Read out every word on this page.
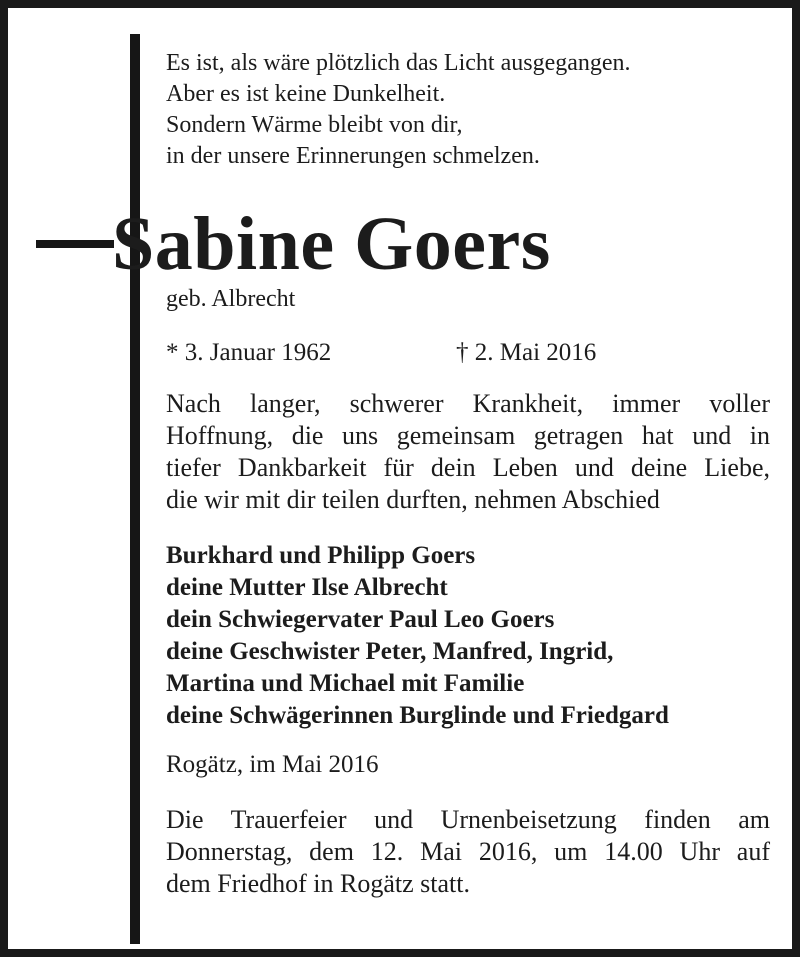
Es ist, als wäre plötzlich das Licht ausgegangen.
Aber es ist keine Dunkelheit.
Sondern Wärme bleibt von dir,
in der unsere Erinnerungen schmelzen.
Sabine Goers
geb. Albrecht
* 3. Januar 1962	† 2. Mai 2016
Nach langer, schwerer Krankheit, immer voller
Hoffnung, die uns gemeinsam getragen hat und in
tiefer Dankbarkeit für dein Leben und deine Liebe,
die wir mit dir teilen durften, nehmen Abschied
Burkhard und Philipp Goers
deine Mutter Ilse Albrecht
dein Schwiegervater Paul Leo Goers
deine Geschwister Peter, Manfred, Ingrid,
Martina und Michael mit Familie
deine Schwägerinnen Burglinde und Friedgard
Rogätz, im Mai 2016
Die Trauerfeier und Urnenbeisetzung finden am
Donnerstag, dem 12. Mai 2016, um 14.00 Uhr auf
dem Friedhof in Rogätz statt.
